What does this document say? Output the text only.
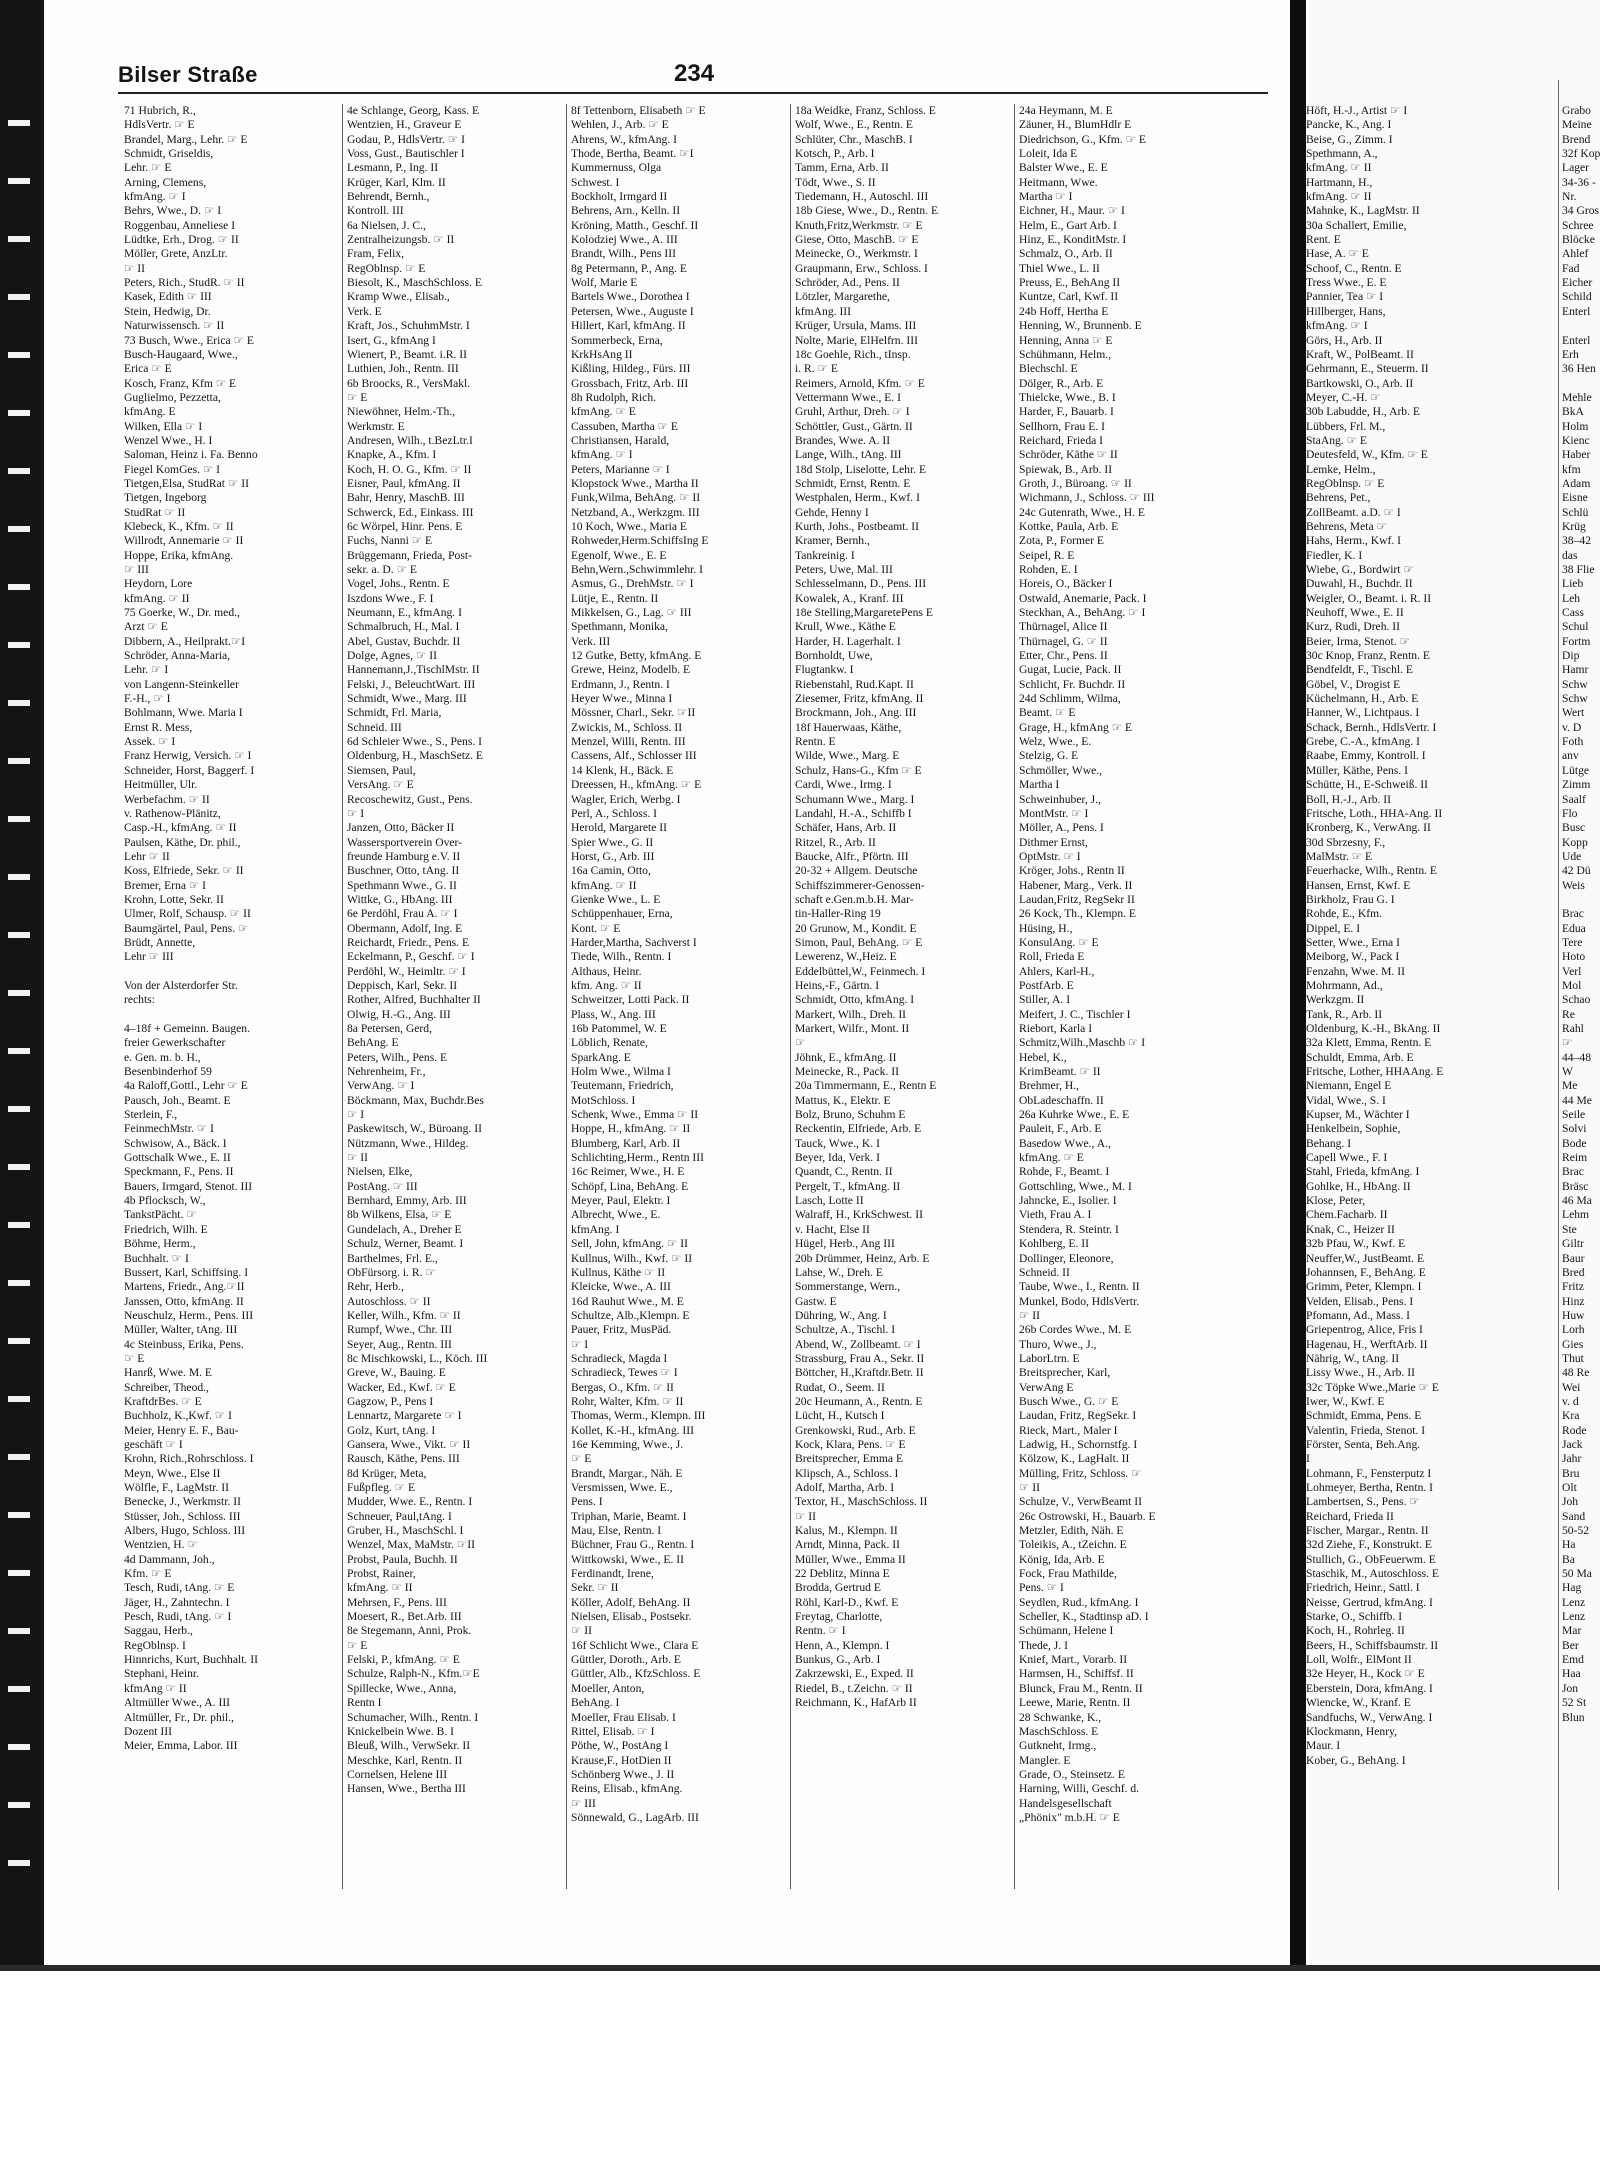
Bilser Straße	234
71 Hubrich, R.,
HdlsVertr. ☞ E
Brandel, Marg., Lehr. ☞ E
Schmidt, Griseldis,
Lehr. ☞ E
Arning, Clemens,
kfmAng. ☞ I
Behrs, Wwe., D. ☞ I
Roggenbau, Anneliese I
Lüdtke, Erh., Drog. ☞ II
Möller, Grete, AnzLtr.
☞ II
Peters, Rich., StudR. ☞ II
Kasek, Edith ☞ III
Stein, Hedwig, Dr.
Naturwissensch. ☞ II
73 Busch, Wwe., Erica ☞ E
Busch-Haugaard, Wwe.,
Erica ☞ E
Kosch, Franz, Kfm ☞ E
Guglielmo, Pezzetta,
kfmAng. E
Wilken, Ella ☞ I
Wenzel Wwe., H. I
Saloman, Heinz i. Fa. Benno
Fiegel KomGes. ☞ I
Tietgen,Elsa, StudRat ☞ II
Tietgen, Ingeborg
StudRat ☞ II
Klebeck, K., Kfm. ☞ II
Willrodt, Annemarie ☞ II
Hoppe, Erika, kfmAng.
☞ III
Heydorn, Lore
kfmAng. ☞ II
75 Goerke, W., Dr. med.,
Arzt ☞ E
Dibbern, A., Heilprakt.☞I
Schröder, Anna-Maria,
Lehr. ☞ I
von Langenn-Steinkeller
F.-H., ☞ I
Bohlmann, Wwe. Maria I
Ernst R. Mess,
Assek. ☞ I
Franz Herwig, Versich. ☞ I
Schneider, Horst, Baggerf. I
Heitmüller, Ulr.
Werbefachm. ☞ II
v. Rathenow-Plänitz,
Casp.-H., kfmAng. ☞ II
Paulsen, Käthe, Dr. phil.,
Lehr ☞ II
Koss, Elfriede, Sekr. ☞ II
Bremer, Erna ☞ I
Krohn, Lotte, Sekr. II
Ulmer, Rolf, Schausp. ☞ II
Baumgärtel, Paul, Pens. ☞
Brüdt, Annette,
Lehr ☞ III

Von der Alsterdorfer Str.
rechts:

4–18f + Gemeinn. Baugen.
freier Gewerkschafter
e. Gen. m. b. H.,
Besenbinderhof 59
4a Raloff,Gottl., Lehr ☞ E
Pausch, Joh., Beamt. E
Sterlein, F.,
FeinmechMstr. ☞ I
Schwisow, A., Bäck. I
Gottschalk Wwe., E. II
Speckmann, F., Pens. II
Bauers, Irmgard, Stenot. III
4b Pflocksch, W.,
TankstPächt. ☞
Friedrich, Wilh. E
Böhme, Herm.,
Buchhalt. ☞ I
Bussert, Karl, Schiffsing. I
Martens, Friedr., Ang.☞II
Janssen, Otto, kfmAng. II
Neuschulz, Herm., Pens. III
Müller, Walter, tAng. III
4c Steinbuss, Erika, Pens.
☞ E
Hanrß, Wwe. M. E
Schreiber, Theod.,
KraftdrBes. ☞ E
Buchholz, K.,Kwf. ☞ I
Meier, Henry E. F., Bau-
geschäft ☞ I
Krohn, Rich.,Rohrschloss. I
Meyn, Wwe., Else II
Wölfle, F., LagMstr. II
Benecke, J., Werkmstr. II
Stüsser, Joh., Schloss. III
Albers, Hugo, Schloss. III
Wentzien, H. ☞
4d Dammann, Joh.,
Kfm. ☞ E
Tesch, Rudi, tAng. ☞ E
Jäger, H., Zahntechn. I
Pesch, Rudi, tAng. ☞ I
Saggau, Herb.,
RegOblnsp. I
Hinnrichs, Kurt, Buchhalt. II
Stephani, Heinr.
kfmAng ☞ II
Altmüller Wwe., A. III
Altmüller, Fr., Dr. phil.,
Dozent III
Meier, Emma, Labor. III
4e Schlange, Georg, Kass. E
Wentzien, H., Graveur E
Godau, P., HdlsVertr. ☞ I
Voss, Gust., Bautischler I
Lesmann, P., Ing. II
Krüger, Karl, Klm. II
Behrendt, Bernh.,
Kontroll. III
6a Nielsen, J. C.,
Zentralheizungsb. ☞ II
Fram, Felix,
RegOblnsp. ☞ E
Biesolt, K., MaschSchloss. E
Kramp Wwe., Elisab.,
Verk. E
Kraft, Jos., SchuhmMstr. I
Isert, G., kfmAng I
Wienert, P., Beamt. i.R. II
Luthien, Joh., Rentn. III
6b Broocks, R., VersMakl.
☞ E
Niewöhner, Helm.-Th.,
Werkmstr. E
Andresen, Wilh., t.BezLtr.I
Knapke, A., Kfm. I
Koch, H. O. G., Kfm. ☞ II
Eisner, Paul, kfmAng. II
Bahr, Henry, MaschB. III
Schwerck, Ed., Einkass. III
6c Wörpel, Hinr. Pens. E
Fuchs, Nanni ☞ E
Brüggemann, Frieda, Post-
sekr. a. D. ☞ E
Vogel, Johs., Rentn. E
Iszdons Wwe., F. I
Neumann, E., kfmAng. I
Schmalbruch, H., Mal. I
Abel, Gustav, Buchdr. II
Dolge, Agnes, ☞ II
Hannemann,J.,TischlMstr. II
Felski, J., BeleuchtWart. III
Schmidt, Wwe., Marg. III
Schmidt, Frl. Maria,
Schneid. III
6d Schleier Wwe., S., Pens. I
Oldenburg, H., MaschSetz. E
Siemsen, Paul,
VersAng. ☞ E
Recoschewitz, Gust., Pens.
☞ I
Janzen, Otto, Bäcker II
Wassersportverein Over-
freunde Hamburg e.V. II
Buschner, Otto, tAng. II
Spethmann Wwe., G. II
Wittke, G., HbAng. III
6e Perdöhl, Frau A. ☞ I
Obermann, Adolf, Ing. E
Reichardt, Friedr., Pens. E
Eckelmann, P., Geschf. ☞ I
Perdöhl, W., Heimltr. ☞ I
Deppisch, Karl, Sekr. II
Rother, Alfred, Buchhalter II
Olwig, H.-G., Ang. III
8a Petersen, Gerd,
BehAng. E
Peters, Wilh., Pens. E
Nehrenheim, Fr.,
VerwAng. ☞ I
Böckmann, Max, Buchdr.Bes
☞ I
Paskewitsch, W., Büroang. II
Nützmann, Wwe., Hildeg.
☞ II
Nielsen, Elke,
PostAng. ☞ III
Bernhard, Emmy, Arb. III
8b Wilkens, Elsa, ☞ E
Gundelach, A., Dreher E
Schulz, Werner, Beamt. I
Barthelmes, Frl. E.,
ObFürsorg. i. R. ☞
Rehr, Herb.,
Autoschloss. ☞ II
Keller, Wilh., Kfm. ☞ II
Rumpf, Wwe., Chr. III
Seyer, Aug., Rentn. III
8c Mischkowski, L., Köch. III
Greve, W., Bauing. E
Wacker, Ed., Kwf. ☞ E
Gagzow, P., Pens I
Lennartz, Margarete ☞ I
Golz, Kurt, tAng. I
Gansera, Wwe., Vikt. ☞ II
Rausch, Käthe, Pens. III
8d Krüger, Meta,
Fußpfleg. ☞ E
Mudder, Wwe. E., Rentn. I
Schneuer, Paul,tAng. I
Gruber, H., MaschSchl. I
Wenzel, Max, MaMstr. ☞II
Probst, Paula, Buchh. II
Probst, Rainer,
kfmAng. ☞ II
Mehrsen, F., Pens. III
Moesert, R., Bet.Arb. III
8e Stegemann, Anni, Prok.
☞ E
Felski, P., kfmAng. ☞ E
Schulze, Ralph-N., Kfm.☞E
Spillecke, Wwe., Anna,
Rentn I
Schumacher, Wilh., Rentn. I
Knickelbein Wwe. B. I
Bleuß, Wilh., VerwSekr. II
Meschke, Karl, Rentn. II
Cornelsen, Helene III
Hansen, Wwe., Bertha III
8f Tettenborn, Elisabeth ☞ E
Wehlen, J., Arb. ☞ E
Ahrens, W., kfmAng. I
Thode, Bertha, Beamt. ☞I
Kummernuss, Olga
Schwest. I
Bockholt, Irmgard II
Behrens, Arn., Kelln. II
Kröning, Matth., Geschf. II
Kolodziej Wwe., A. III
Brandt, Wilh., Pens III
8g Petermann, P., Ang. E
Wolf, Marie E
Bartels Wwe., Dorothea I
Petersen, Wwe., Auguste I
Hillert, Karl, kfmAng. II
Sommerbeck, Erna,
KrkHsAng II
Kißling, Hildeg., Fürs. III
Grossbach, Fritz, Arb. III
8h Rudolph, Rich.
kfmAng. ☞ E
Cassuben, Martha ☞ E
Christiansen, Harald,
kfmAng. ☞ I
Peters, Marianne ☞ I
Klopstock Wwe., Martha II
Funk,Wilma, BehAng. ☞ II
Netzband, A., Werkzgm. III
10 Koch, Wwe., Maria E
Rohweder,Herm.SchiffsIng E
Egenolf, Wwe., E. E
Behn,Wern.,Schwimmlehr. I
Asmus, G., DrehMstr. ☞ I
Lütje, E., Rentn. II
Mikkelsen, G., Lag. ☞ III
Spethmann, Monika,
Verk. III
12 Gutke, Betty, kfmAng. E
Grewe, Heinz, Modelb. E
Erdmann, J., Rentn. I
Heyer Wwe., Minna I
Mössner, Charl., Sekr. ☞II
Zwickis, M., Schloss. II
Menzel, Willi, Rentn. III
Cassens, Alf., Schlosser III
14 Klenk, H., Bäck. E
Dreessen, H., kfmAng. ☞ E
Wagler, Erich, Werbg. I
Perl, A., Schloss. I
Herold, Margarete II
Spier Wwe., G. II
Horst, G., Arb. III
16a Camin, Otto,
kfmAng. ☞ II
Gienke Wwe., L. E
Schüppenhauer, Erna,
Kont. ☞ E
Harder,Martha, Sachverst I
Tiede, Wilh., Rentn. I
Althaus, Heinr.
kfm. Ang. ☞ II
Schweitzer, Lotti Pack. II
Plass, W., Ang. III
16b Patommel, W. E
Löblich, Renate,
SparkAng. E
Holm Wwe., Wilma I
Teutemann, Friedrich,
MotSchloss. I
Schenk, Wwe., Emma ☞ II
Hoppe, H., kfmAng. ☞ II
Blumberg, Karl, Arb. II
Schlichting,Herm., Rentn III
16c Reimer, Wwe., H. E
Schöpf, Lina, BehAng. E
Meyer, Paul, Elektr. I
Albrecht, Wwe., E.
kfmAng. I
Sell, John, kfmAng. ☞ II
Kullnus, Wilh., Kwf. ☞ II
Kullnus, Käthe ☞ II
Kleicke, Wwe., A. III
16d Rauhut Wwe., M. E
Schultze, Alb.,Klempn. E
Pauer, Fritz, MusPäd.
☞ I
Schradieck, Magda I
Schradieck, Tewes ☞ I
Bergas, O., Kfm. ☞ II
Rohr, Walter, Kfm. ☞ II
Thomas, Werm., Klempn. III
Kollet, K.-H., kfmAng. III
16e Kemming, Wwe., J.
☞ E
Brandt, Margar., Näh. E
Versmissen, Wwe. E.,
Pens. I
Triphan, Marie, Beamt. I
Mau, Else, Rentn. I
Büchner, Frau G., Rentn. I
Wittkowski, Wwe., E. II
Ferdinandt, Irene,
Sekr. ☞ II
Köller, Adolf, BehAng. II
Nielsen, Elisab., Postsekr.
☞ II
16f Schlicht Wwe., Clara E
Güttler, Doroth., Arb. E
Güttler, Alb., KfzSchloss. E
Moeller, Anton,
BehAng. I
Moeller, Frau Elisab. I
Rittel, Elisab. ☞ I
Pöthe, W., PostAng I
Krause,F., HotDien II
Schönberg Wwe., J. II
Reins, Elisab., kfmAng.
☞ III
Sönnewald, G., LagArb. III
18a Weidke, Franz, Schloss. E
Wolf, Wwe., E., Rentn. E
Schlüter, Chr., MaschB. I
Kotsch, P., Arb. I
Tamm, Erna, Arb. II
Tödt, Wwe., S. II
Tiedemann, H., Autoschl. III
18b Giese, Wwe., D., Rentn. E
Knuth,Fritz,Werkmstr. ☞ E
Giese, Otto, MaschB. ☞ E
Meinecke, O., Werkmstr. I
Graupmann, Erw., Schloss. I
Schröder, Ad., Pens. II
Lötzler, Margarethe,
kfmAng. III
Krüger, Ursula, Mams. III
Nolte, Marie, ElHelfrn. III
18c Goehle, Rich., tInsp.
i. R. ☞ E
Reimers, Arnold, Kfm. ☞ E
Vettermann Wwe., E. I
Gruhl, Arthur, Dreh. ☞ I
Schöttler, Gust., Gärtn. II
Brandes, Wwe. A. II
Lange, Wilh., tAng. III
18d Stolp, Liselotte, Lehr. E
Schmidt, Ernst, Rentn. E
Westphalen, Herm., Kwf. I
Gehde, Henny I
Kurth, Johs., Postbeamt. II
Kramer, Bernh.,
Tankreinig. I
Peters, Uwe, Mal. III
Schlesselmann, D., Pens. III
Kowalek, A., Kranf. III
18e Stelling,MargaretePens E
Krull, Wwe., Käthe E
Harder, H. Lagerhalt. I
Bornholdt, Uwe,
Flugtankw. I
Riebenstahl, Rud.Kapt. II
Ziesemer, Fritz, kfmAng. II
Brockmann, Joh., Ang. III
18f Hauerwaas, Käthe,
Rentn. E
Wilde, Wwe., Marg. E
Schulz, Hans-G., Kfm ☞ E
Cardi, Wwe., Irmg. I
Schumann Wwe., Marg. I
Landahl, H.-A., Schiffb I
Schäfer, Hans, Arb. II
Ritzel, R., Arb. II
Baucke, Alfr., Pförtn. III
20-32 + Allgem. Deutsche
Schiffszimmerer-Genossen-
schaft e.Gen.m.b.H. Mar-
tin-Haller-Ring 19
20 Grunow, M., Kondit. E
Simon, Paul, BehAng. ☞ E
Lewerenz, W.,Heiz. E
Eddelbüttel,W., Feinmech. I
Heins,-F., Gärtn. I
Schmidt, Otto, kfmAng. I
Markert, Wilh., Dreh. II
Markert, Wilfr., Mont. II
☞
Jöhnk, E., kfmAng. II
Meinecke, R., Pack. II
20a Timmermann, E., Rentn E
Mattus, K., Elektr. E
Bolz, Bruno, Schuhm E
Reckentin, Elfriede, Arb. E
Tauck, Wwe., K. I
Beyer, Ida, Verk. I
Quandt, C., Rentn. II
Pergelt, T., kfmAng. II
Lasch, Lotte II
Walraff, H., KrkSchwest. II
v. Hacht, Else II
Hügel, Herb., Ang III
20b Drümmer, Heinz, Arb. E
Lahse, W., Dreh. E
Sommerstange, Wern.,
Gastw. E
Dühring, W., Ang. I
Schultze, A., Tischl. I
Abend, W., Zollbeamt. ☞ I
Strassburg, Frau A., Sekr. II
Böttcher, H.,Kraftdr.Betr. II
Rudat, O., Seem. II
20c Heumann, A., Rentn. E
Lücht, H., Kutsch I
Grenkowski, Rud., Arb. E
Kock, Klara, Pens. ☞ E
Breitsprecher, Emma E
Klipsch, A., Schloss. I
Adolf, Martha, Arb. I
Textor, H., MaschSchloss. II
☞ II
Kalus, M., Klempn. II
Arndt, Minna, Pack. II
Müller, Wwe., Emma II
22 Deblitz, Minna E
Brodda, Gertrud E
Röhl, Karl-D., Kwf. E
Freytag, Charlotte,
Rentn. ☞ I
Henn, A., Klempn. I
Bunkus, G., Arb. I
Zakrzewski, E., Exped. II
Riedel, B., t.Zeichn. ☞ II
Reichmann, K., HafArb II
24a Heymann, M. E
Zäuner, H., BlumHdlr E
Diedrichson, G., Kfm. ☞ E
Loleit, Ida E
Balster Wwe., E. E
Heitmann, Wwe.
Martha ☞ I
Eichner, H., Maur. ☞ I
Helm, E., Gart Arb. I
Hinz, E., KonditMstr. I
Schmalz, O., Arb. II
Thiel Wwe., L. II
Preuss, E., BehAng II
Kuntze, Carl, Kwf. II
24b Hoff, Hertha E
Henning, W., Brunnenb. E
Henning, Anna ☞ E
Schühmann, Helm.,
Blechschl. E
Dölger, R., Arb. E
Thielcke, Wwe., B. I
Harder, F., Bauarb. I
Sellhorn, Frau E. I
Reichard, Frieda I
Schröder, Käthe ☞ II
Spiewak, B., Arb. II
Groth, J., Büroang. ☞ II
Wichmann, J., Schloss. ☞ III
24c Gutenrath, Wwe., H. E
Kottke, Paula, Arb. E
Zota, P., Former E
Seipel, R. E
Rohden, E. I
Horeis, O., Bäcker I
Ostwald, Anemarie, Pack. I
Steckhan, A., BehAng. ☞ I
Thürnagel, Alice II
Thürnagel, G. ☞ II
Etter, Chr., Pens. II
Gugat, Lucie, Pack. II
Schlicht, Fr. Buchdr. II
24d Schlimm, Wilma,
Beamt. ☞ E
Grage, H., kfmAng ☞ E
Welz, Wwe., E.
Stelzig, G. E
Schmöller, Wwe.,
Martha I
Schweinhuber, J.,
MontMstr. ☞ I
Möller, A., Pens. I
Dithmer Ernst,
OptMstr. ☞ I
Kröger, Johs., Rentn II
Habener, Marg., Verk. II
Laudan,Fritz, RegSekr II
26 Kock, Th., Klempn. E
Hüsing, H.,
KonsulAng. ☞ E
Roll, Frieda E
Ahlers, Karl-H.,
PostfArb. E
Stiller, A. I
Meifert, J. C., Tischler I
Riebort, Karla I
Schmitz,Wilh.,Maschb ☞ I
Hebel, K.,
KrimBeamt. ☞ II
Brehmer, H.,
ObLadeschaffn. II
26a Kuhrke Wwe., E. E
Pauleit, F., Arb. E
Basedow Wwe., A.,
kfmAng. ☞ E
Rohde, F., Beamt. I
Gottschling, Wwe., M. I
Jahncke, E., Isolier. I
Vieth, Frau A. I
Stendera, R. Steintr. I
Kohlberg, E. II
Dollinger, Eleonore,
Schneid. II
Taube, Wwe., I., Rentn. II
Munkel, Bodo, HdlsVertr.
☞ II
26b Cordes Wwe., M. E
Thuro, Wwe., J.,
LaborLtrn. E
Breitsprecher, Karl,
VerwAng E
Busch Wwe., G. ☞ E
Laudan, Fritz, RegSekr. I
Rieck, Mart., Maler I
Ladwig, H., Schornstfg. I
Kölzow, K., LagHalt. II
Mülling, Fritz, Schloss. ☞
☞ II
Schulze, V., VerwBeamt II
26c Ostrowski, H., Bauarb. E
Metzler, Edith, Näh. E
Toleikis, A., tZeichn. E
König, Ida, Arb. E
Fock, Frau Mathilde,
Pens. ☞ I
Seydlen, Rud., kfmAng. I
Scheller, K., Stadtinsp aD. I
Schümann, Helene I
Thede, J. I
Knief, Mart., Vorarb. II
Harmsen, H., Schiffsf. II
Blunck, Frau M., Rentn. II
Leewe, Marie, Rentn. II
28 Schwanke, K.,
MaschSchloss. E
Gutkneht, Irmg.,
Mangler. E
Grade, O., Steinsetz. E
Harning, Willi, Geschf. d.
Handelsgesellschaft
„Phönix" m.b.H. ☞ E
Höft, H.-J., Artist ☞ I
Pancke, K., Ang. I
Beise, G., Zimm. I
Spethmann, A.,
kfmAng. ☞ II
Hartmann, H.,
kfmAng. ☞ II
Mahnke, K., LagMstr. II
30a Schallert, Emilie,
Rent. E
Hase, A. ☞ E
Schoof, C., Rentn. E
Tress Wwe., E. E
Pannier, Tea ☞ I
Hillberger, Hans,
kfmAng. ☞ I
Görs, H., Arb. II
Kraft, W., PolBeamt. II
Gehrmann, E., Steuerm. II
Bartkowski, O., Arb. II
Meyer, C.-H. ☞
30b Labudde, H., Arb. E
Lübbers, Frl. M.,
StaAng. ☞ E
Deutesfeld, W., Kfm. ☞ E
Lemke, Helm.,
RegOblnsp. ☞ E
Behrens, Pet.,
ZollBeamt. a.D. ☞ I
Behrens, Meta ☞
Hahs, Herm., Kwf. I
Fiedler, K. I
Wiebe, G., Bordwirt ☞
Duwahl, H., Buchdr. II
Weigler, O., Beamt. i. R. II
Neuhoff, Wwe., E. II
Kurz, Rudi, Dreh. II
Beier, Irma, Stenot. ☞
30c Knop, Franz, Rentn. E
Bendfeldt, F., Tischl. E
Göbel, V., Drogist E
Küchelmann, H., Arb. E
Hanner, W., Lichtpaus. I
Schack, Bernh., HdlsVertr. I
Grebe, C.-A., kfmAng. I
Raabe, Emmy, Kontroll. I
Müller, Käthe, Pens. I
Schütte, H., E-Schweiß. II
Boll, H.-J., Arb. II
Fritsche, Loth., HHA-Ang. II
Kronberg, K., VerwAng. II
30d Sbrzesny, F.,
MalMstr. ☞ E
Feuerhacke, Wilh., Rentn. E
Hansen, Ernst, Kwf. E
Birkholz, Frau G. I
Rohde, E., Kfm.
Dippel, E. I
Setter, Wwe., Erna I
Meiborg, W., Pack I
Fenzahn, Wwe. M. II
Mohrmann, Ad.,
Werkzgm. II
Tank, R., Arb. II
Oldenburg, K.-H., BkAng. II
32a Klett, Emma, Rentn. E
Schuldt, Emma, Arb. E
Fritsche, Lother, HHAAng. E
Niemann, Engel E
Vidal, Wwe., S. I
Kupser, M., Wächter I
Henkelbein, Sophie,
Behang. I
Capell Wwe., F. I
Stahl, Frieda, kfmAng. I
Gohlke, H., HbAng. II
Klose, Peter,
Chem.Facharb. II
Knak, C., Heizer II
32b Pfau, W., Kwf. E
Neuffer,W., JustBeamt. E
Johannsen, F., BehAng. E
Grimm, Peter, Klempn. I
Velden, Elisab., Pens. I
Pfomann, Ad., Mass. I
Griepentrog, Alice, Fris I
Hagenau, H., WerftArb. II
Nährig, W., tAng. II
Lissy Wwe., H., Arb. II
32c Töpke Wwe.,Marie ☞ E
Iwer, W., Kwf. E
Schmidt, Emma, Pens. E
Valentin, Frieda, Stenot. I
Förster, Senta, Beh.Ang.
I
Lohmann, F., Fensterputz I
Lohmeyer, Bertha, Rentn. I
Lambertsen, S., Pens. ☞
Reichard, Frieda II
Fischer, Margar., Rentn. II
32d Ziehe, F., Konstrukt. E
Stullich, G., ObFeuerwm. E
Staschik, M., Autoschloss. E
Friedrich, Heinr., Sattl. I
Neisse, Gertrud, kfmAng. I
Starke, O., Schiffb. I
Koch, H., Rohrleg. II
Beers, H., Schiffsbaumstr. II
Loll, Wolfr., ElMont II
32e Heyer, H., Kock ☞ E
Eberstein, Dora, kfmAng. I
Wiencke, W., Kranf. E
Sandfuchs, W., VerwAng. I
Klockmann, Henry,
Maur. I
Kober, G., BehAng. I
Grabo
Meine
Brend
32f Kop
Lager
34-36 -
Nr.
34 Gros
Schree
Blöcke
Ahlef
Fad
Eicher
Schild
Enterl

Enterl
Erh
36 Hen

Mehle
BkA
Holm
Kienc
Haber
kfm
Adam
Eisne
Schlü
Krüg
38–42
das
38 Flie
Lieb
Leh
Cass
Schul
Fortm
Dip
Hamr
Schw
Schw
Wert
v. D
Foth
anv
Lütge
Zimm
Saalf
Flo
Busc
Kopp
Ude
42 Dü
Weis

Brac
Edua
Tere
Hoto
Verl
Mol
Schao
Re
Rahl
☞
44–48
W
Me
44 Me
Seile
Solvi
Bode
Reim
Brac
Bräsc
46 Ma
Lehm
Ste
Giltr
Baur
Bred
Fritz
Hinz
Huw
Lorh
Gies
Thut
48 Re
Wei
v. d
Kra
Rode
Jack
Jahr
Bru
Olt
Joh
Sand
50-52
Ha
Ba
50 Ma
Hag
Lenz
Lenz
Mar
Ber
Emd
Haa
Jon
52 St
Blun
